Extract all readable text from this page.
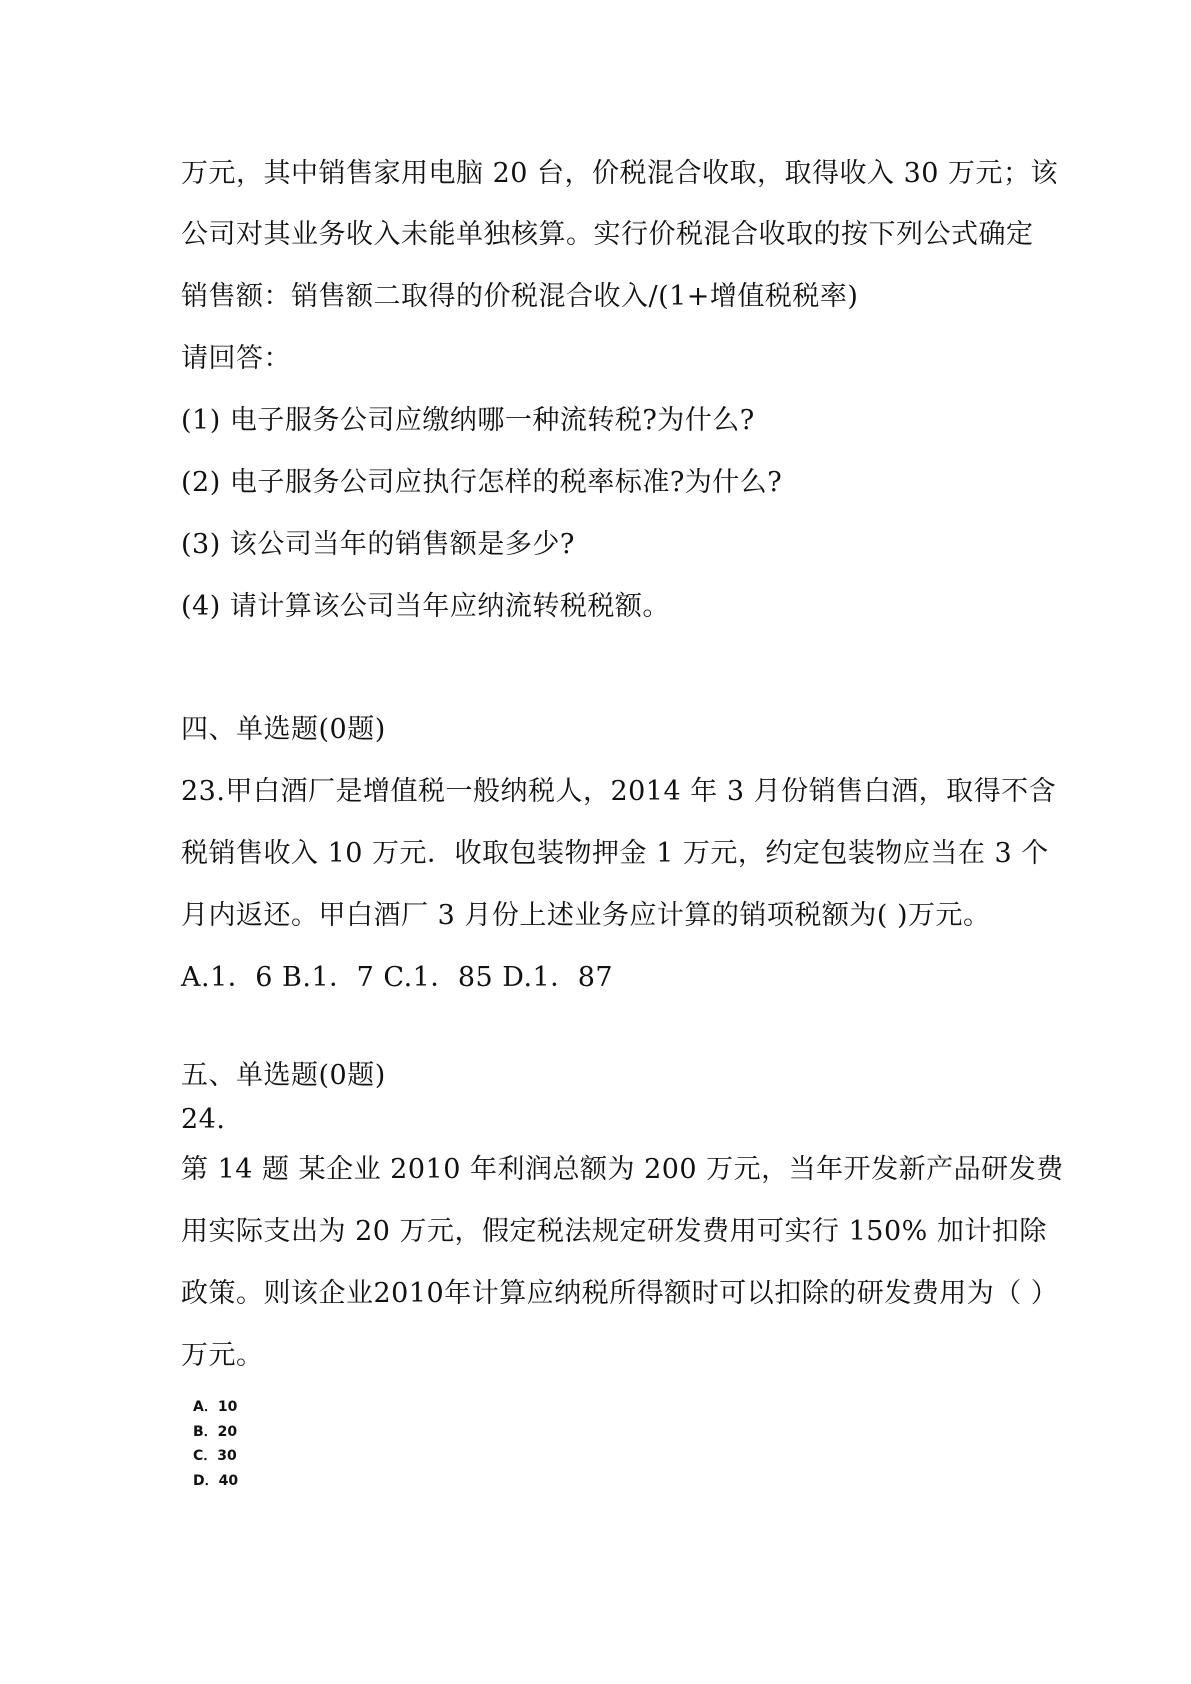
万元，其中销售家用电脑 20 台，价税混合收取，取得收入 30 万元；该
公司对其业务收入未能单独核算。实行价税混合收取的按下列公式确定
销售额：销售额二取得的价税混合收入/(1+增值税税率)
请回答：
(1) 电子服务公司应缴纳哪一种流转税?为什么?
(2) 电子服务公司应执行怎样的税率标准?为什么?
(3) 该公司当年的销售额是多少?
(4) 请计算该公司当年应纳流转税税额。
四、单选题(0题)
23.甲白酒厂是增值税一般纳税人，2014 年 3 月份销售白酒，取得不含
税销售收入 10 万元．收取包装物押金 1 万元，约定包装物应当在 3 个
月内返还。甲白酒厂 3 月份上述业务应计算的销项税额为( )万元。
A.1．6 B.1．7 C.1．85 D.1．87
五、单选题(0题)
24.
第 14 题 某企业 2010 年利润总额为 200 万元，当年开发新产品研发费
用实际支出为 20 万元，假定税法规定研发费用可实行 150% 加计扣除
政策。则该企业2010年计算应纳税所得额时可以扣除的研发费用为（ ）
万元。
A．10
B．20
C．30
D．40
